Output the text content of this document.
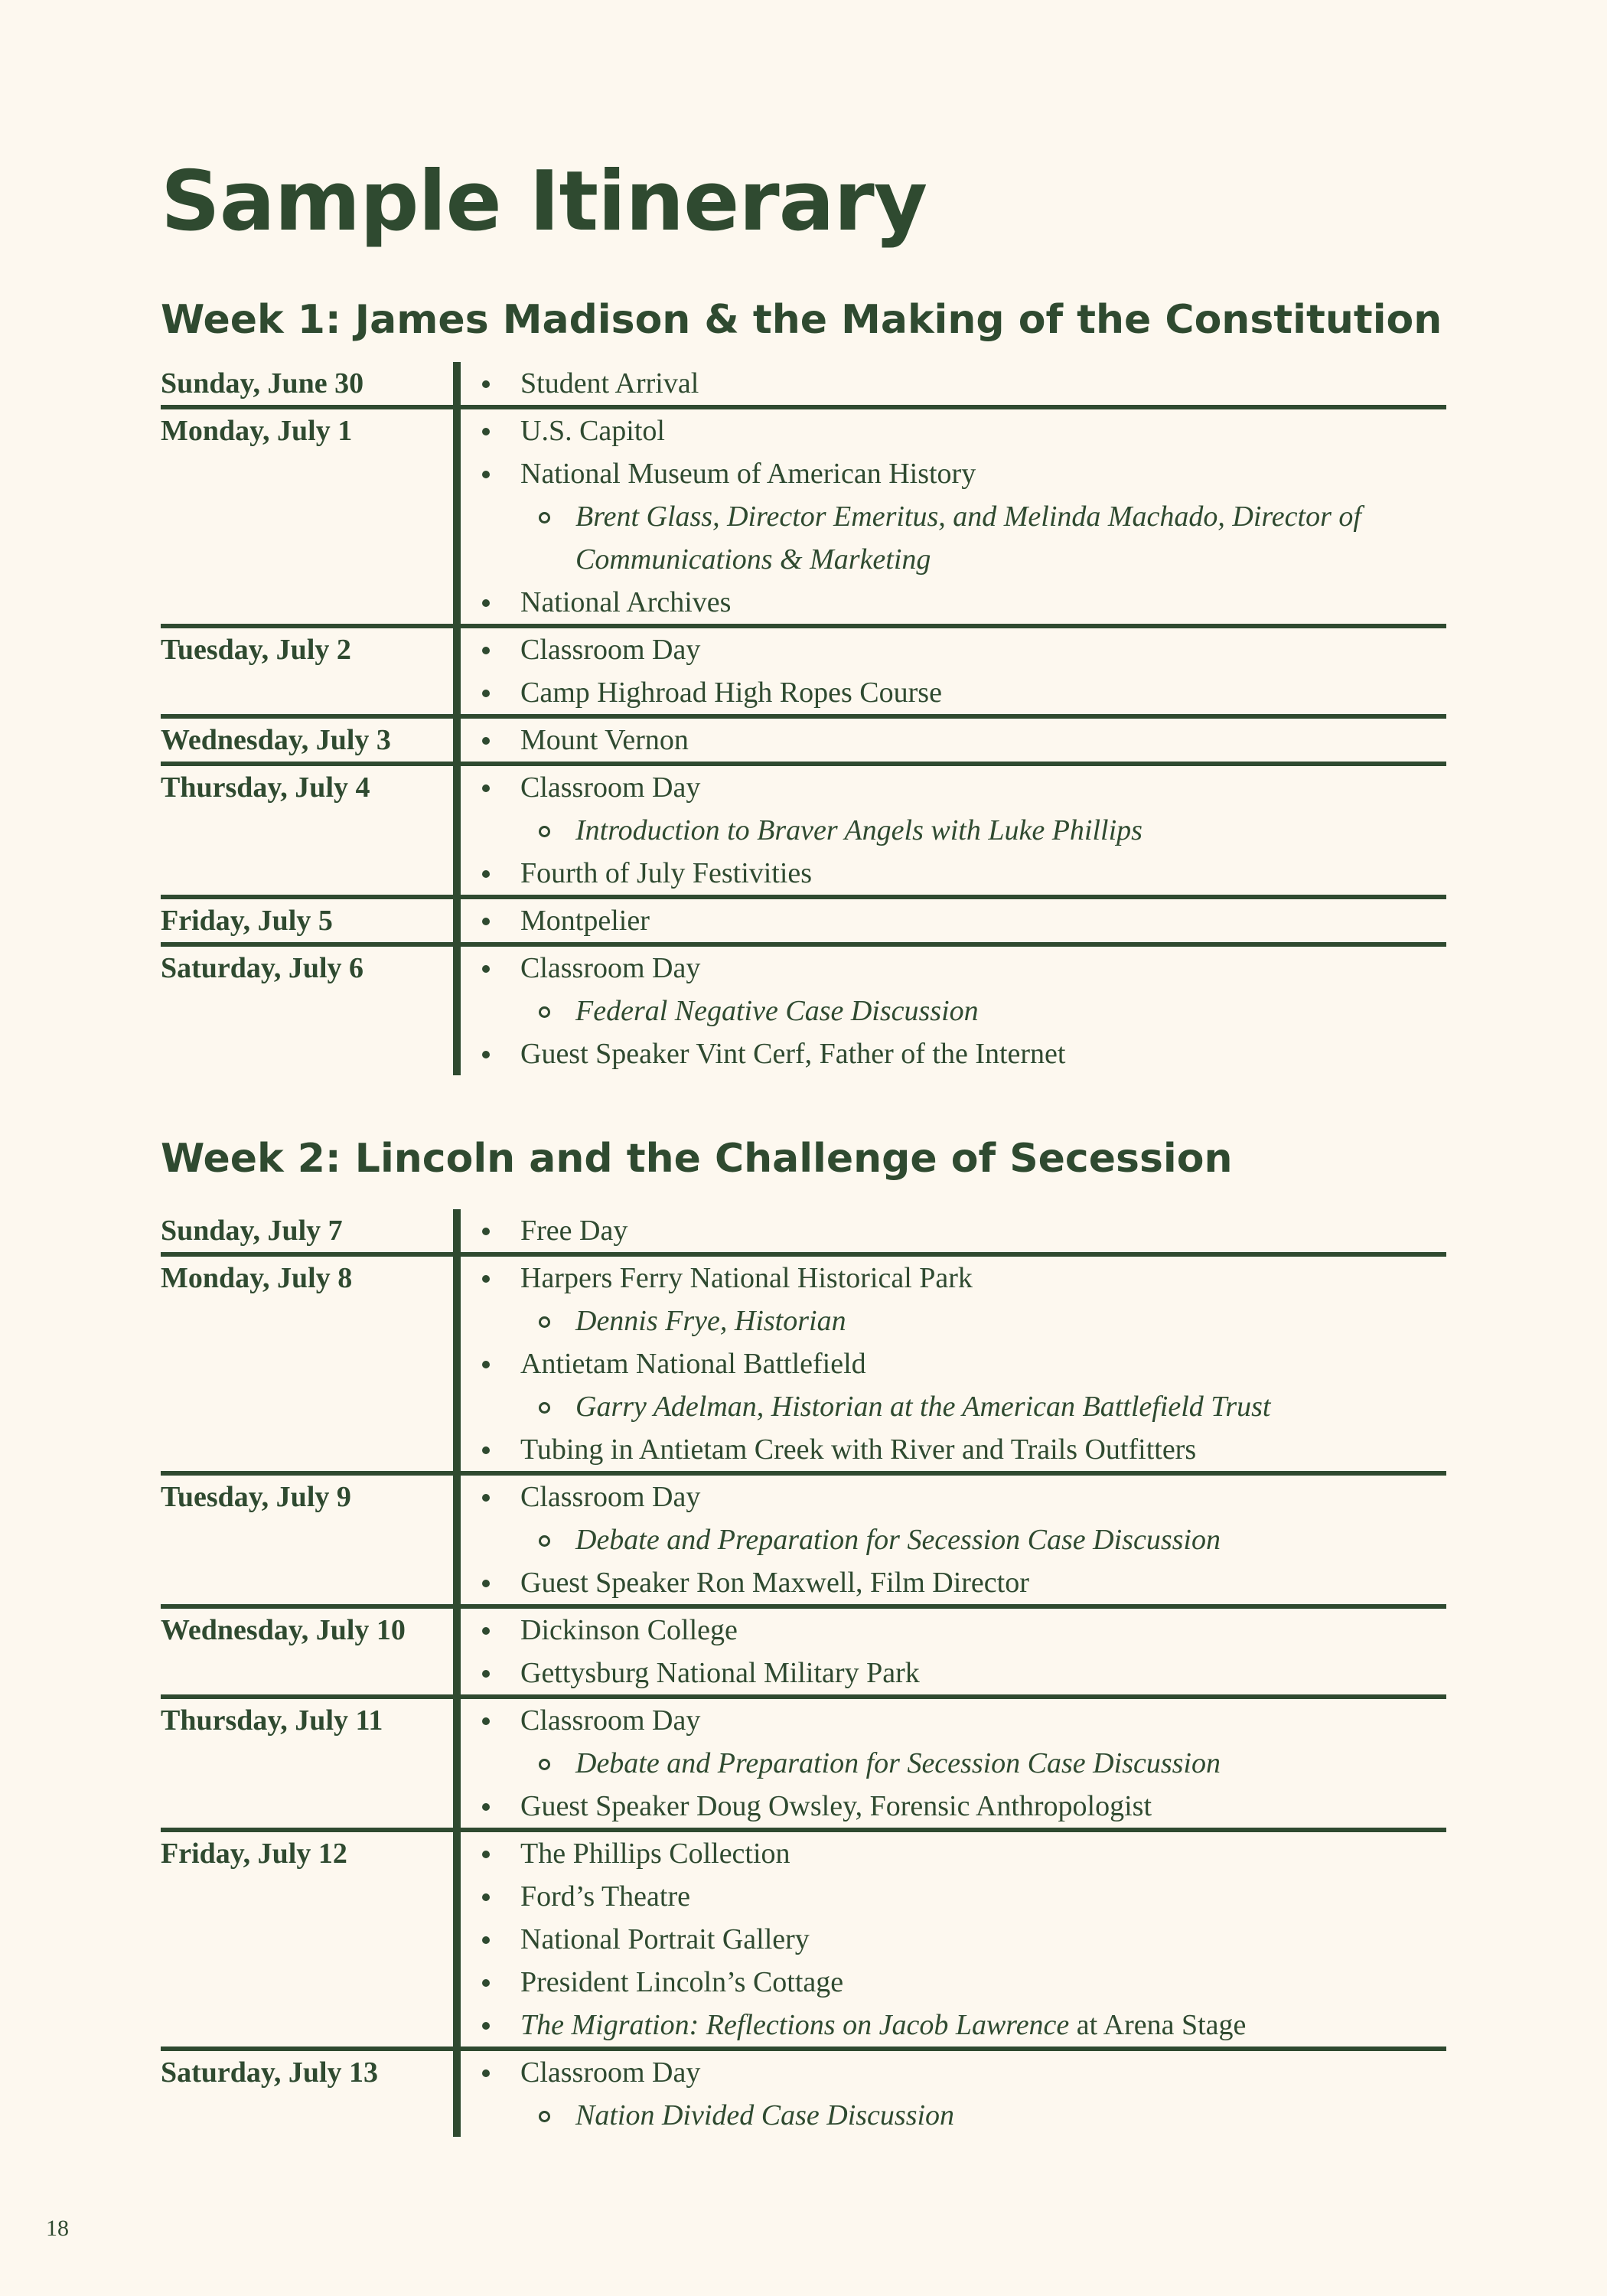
Sample Itinerary
Week 1: James Madison & the Making of the Constitution
Sunday, June 30	Student Arrival
Monday, July 1	U.S. Capitol
National Museum of American History
Brent Glass, Director Emeritus, and Melinda Machado, Director of Communications & Marketing
National Archives
Tuesday, July 2	Classroom Day
Camp Highroad High Ropes Course
Wednesday, July 3	Mount Vernon
Thursday, July 4	Classroom Day
Introduction to Braver Angels with Luke Phillips
Fourth of July Festivities
Friday, July 5	Montpelier
Saturday, July 6	Classroom Day
Federal Negative Case Discussion
Guest Speaker Vint Cerf, Father of the Internet
Week 2: Lincoln and the Challenge of Secession
Sunday, July 7	Free Day
Monday, July 8	Harpers Ferry National Historical Park
Dennis Frye, Historian
Antietam National Battlefield
Garry Adelman, Historian at the American Battlefield Trust
Tubing in Antietam Creek with River and Trails Outfitters
Tuesday, July 9	Classroom Day
Debate and Preparation for Secession Case Discussion
Guest Speaker Ron Maxwell, Film Director
Wednesday, July 10	Dickinson College
Gettysburg National Military Park
Thursday, July 11	Classroom Day
Debate and Preparation for Secession Case Discussion
Guest Speaker Doug Owsley, Forensic Anthropologist
Friday, July 12	The Phillips Collection
Ford’s Theatre
National Portrait Gallery
President Lincoln’s Cottage
The Migration: Reflections on Jacob Lawrence at Arena Stage
Saturday, July 13	Classroom Day
Nation Divided Case Discussion
18
